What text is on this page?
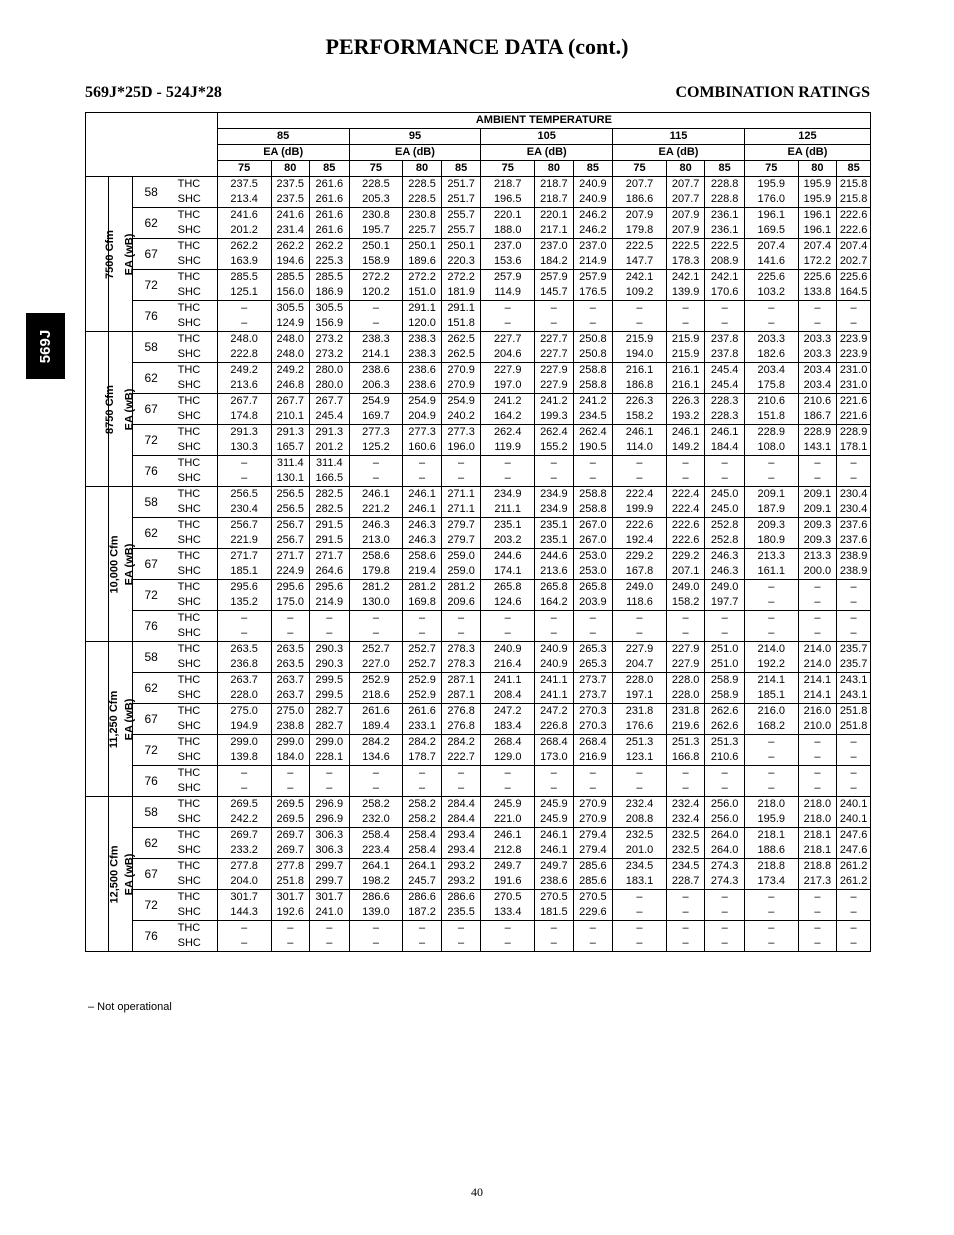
PERFORMANCE DATA (cont.)
569J*25D - 524J*28	COMBINATION RATINGS
569J
				AMBIENT TEMPERATURE														
				85			95			105			115			125		
				EA (dB)			EA (dB)			EA (dB)			EA (dB)			EA (dB)		
				75	80	85	75	80	85	75	80	85	75	80	85	75	80	85
7500 Cfm	EA (wB)	58	THC	237.5	237.5	261.6	228.5	228.5	251.7	218.7	218.7	240.9	207.7	207.7	228.8	195.9	195.9	215.8
			SHC	213.4	237.5	261.6	205.3	228.5	251.7	196.5	218.7	240.9	186.6	207.7	228.8	176.0	195.9	215.8
		62	THC	241.6	241.6	261.6	230.8	230.8	255.7	220.1	220.1	246.2	207.9	207.9	236.1	196.1	196.1	222.6
			SHC	201.2	231.4	261.6	195.7	225.7	255.7	188.0	217.1	246.2	179.8	207.9	236.1	169.5	196.1	222.6
		67	THC	262.2	262.2	262.2	250.1	250.1	250.1	237.0	237.0	237.0	222.5	222.5	222.5	207.4	207.4	207.4
			SHC	163.9	194.6	225.3	158.9	189.6	220.3	153.6	184.2	214.9	147.7	178.3	208.9	141.6	172.2	202.7
		72	THC	285.5	285.5	285.5	272.2	272.2	272.2	257.9	257.9	257.9	242.1	242.1	242.1	225.6	225.6	225.6
			SHC	125.1	156.0	186.9	120.2	151.0	181.9	114.9	145.7	176.5	109.2	139.9	170.6	103.2	133.8	164.5
		76	THC	–	305.5	305.5	–	291.1	291.1	–	–	–	–	–	–	–	–	–
			SHC	–	124.9	156.9	–	120.0	151.8	–	–	–	–	–	–	–	–	–
8750 Cfm	EA (wB)	58	THC	248.0	248.0	273.2	238.3	238.3	262.5	227.7	227.7	250.8	215.9	215.9	237.8	203.3	203.3	223.9
			SHC	222.8	248.0	273.2	214.1	238.3	262.5	204.6	227.7	250.8	194.0	215.9	237.8	182.6	203.3	223.9
		62	THC	249.2	249.2	280.0	238.6	238.6	270.9	227.9	227.9	258.8	216.1	216.1	245.4	203.4	203.4	231.0
			SHC	213.6	246.8	280.0	206.3	238.6	270.9	197.0	227.9	258.8	186.8	216.1	245.4	175.8	203.4	231.0
		67	THC	267.7	267.7	267.7	254.9	254.9	254.9	241.2	241.2	241.2	226.3	226.3	228.3	210.6	210.6	221.6
			SHC	174.8	210.1	245.4	169.7	204.9	240.2	164.2	199.3	234.5	158.2	193.2	228.3	151.8	186.7	221.6
		72	THC	291.3	291.3	291.3	277.3	277.3	277.3	262.4	262.4	262.4	246.1	246.1	246.1	228.9	228.9	228.9
			SHC	130.3	165.7	201.2	125.2	160.6	196.0	119.9	155.2	190.5	114.0	149.2	184.4	108.0	143.1	178.1
		76	THC	–	311.4	311.4	–	–	–	–	–	–	–	–	–	–	–	–
			SHC	–	130.1	166.5	–	–	–	–	–	–	–	–	–	–	–	–
10,000 Cfm	EA (wB)	58	THC	256.5	256.5	282.5	246.1	246.1	271.1	234.9	234.9	258.8	222.4	222.4	245.0	209.1	209.1	230.4
			SHC	230.4	256.5	282.5	221.2	246.1	271.1	211.1	234.9	258.8	199.9	222.4	245.0	187.9	209.1	230.4
		62	THC	256.7	256.7	291.5	246.3	246.3	279.7	235.1	235.1	267.0	222.6	222.6	252.8	209.3	209.3	237.6
			SHC	221.9	256.7	291.5	213.0	246.3	279.7	203.2	235.1	267.0	192.4	222.6	252.8	180.9	209.3	237.6
		67	THC	271.7	271.7	271.7	258.6	258.6	259.0	244.6	244.6	253.0	229.2	229.2	246.3	213.3	213.3	238.9
			SHC	185.1	224.9	264.6	179.8	219.4	259.0	174.1	213.6	253.0	167.8	207.1	246.3	161.1	200.0	238.9
		72	THC	295.6	295.6	295.6	281.2	281.2	281.2	265.8	265.8	265.8	249.0	249.0	249.0	–	–	–
			SHC	135.2	175.0	214.9	130.0	169.8	209.6	124.6	164.2	203.9	118.6	158.2	197.7	–	–	–
		76	THC	–	–	–	–	–	–	–	–	–	–	–	–	–	–	–
			SHC	–	–	–	–	–	–	–	–	–	–	–	–	–	–	–
11,250 Cfm	EA (wB)	58	THC	263.5	263.5	290.3	252.7	252.7	278.3	240.9	240.9	265.3	227.9	227.9	251.0	214.0	214.0	235.7
			SHC	236.8	263.5	290.3	227.0	252.7	278.3	216.4	240.9	265.3	204.7	227.9	251.0	192.2	214.0	235.7
		62	THC	263.7	263.7	299.5	252.9	252.9	287.1	241.1	241.1	273.7	228.0	228.0	258.9	214.1	214.1	243.1
			SHC	228.0	263.7	299.5	218.6	252.9	287.1	208.4	241.1	273.7	197.1	228.0	258.9	185.1	214.1	243.1
		67	THC	275.0	275.0	282.7	261.6	261.6	276.8	247.2	247.2	270.3	231.8	231.8	262.6	216.0	216.0	251.8
			SHC	194.9	238.8	282.7	189.4	233.1	276.8	183.4	226.8	270.3	176.6	219.6	262.6	168.2	210.0	251.8
		72	THC	299.0	299.0	299.0	284.2	284.2	284.2	268.4	268.4	268.4	251.3	251.3	251.3	–	–	–
			SHC	139.8	184.0	228.1	134.6	178.7	222.7	129.0	173.0	216.9	123.1	166.8	210.6	–	–	–
		76	THC	–	–	–	–	–	–	–	–	–	–	–	–	–	–	–
			SHC	–	–	–	–	–	–	–	–	–	–	–	–	–	–	–
12,500 Cfm	EA (wB)	58	THC	269.5	269.5	296.9	258.2	258.2	284.4	245.9	245.9	270.9	232.4	232.4	256.0	218.0	218.0	240.1
			SHC	242.2	269.5	296.9	232.0	258.2	284.4	221.0	245.9	270.9	208.8	232.4	256.0	195.9	218.0	240.1
		62	THC	269.7	269.7	306.3	258.4	258.4	293.4	246.1	246.1	279.4	232.5	232.5	264.0	218.1	218.1	247.6
			SHC	233.2	269.7	306.3	223.4	258.4	293.4	212.8	246.1	279.4	201.0	232.5	264.0	188.6	218.1	247.6
		67	THC	277.8	277.8	299.7	264.1	264.1	293.2	249.7	249.7	285.6	234.5	234.5	274.3	218.8	218.8	261.2
			SHC	204.0	251.8	299.7	198.2	245.7	293.2	191.6	238.6	285.6	183.1	228.7	274.3	173.4	217.3	261.2
		72	THC	301.7	301.7	301.7	286.6	286.6	286.6	270.5	270.5	270.5	–	–	–	–	–	–
			SHC	144.3	192.6	241.0	139.0	187.2	235.5	133.4	181.5	229.6	–	–	–	–	–	–
		76	THC	–	–	–	–	–	–	–	–	–	–	–	–	–	–	–
			SHC	–	–	–	–	–	–	–	–	–	–	–	–	–	–	–
– Not operational
40
